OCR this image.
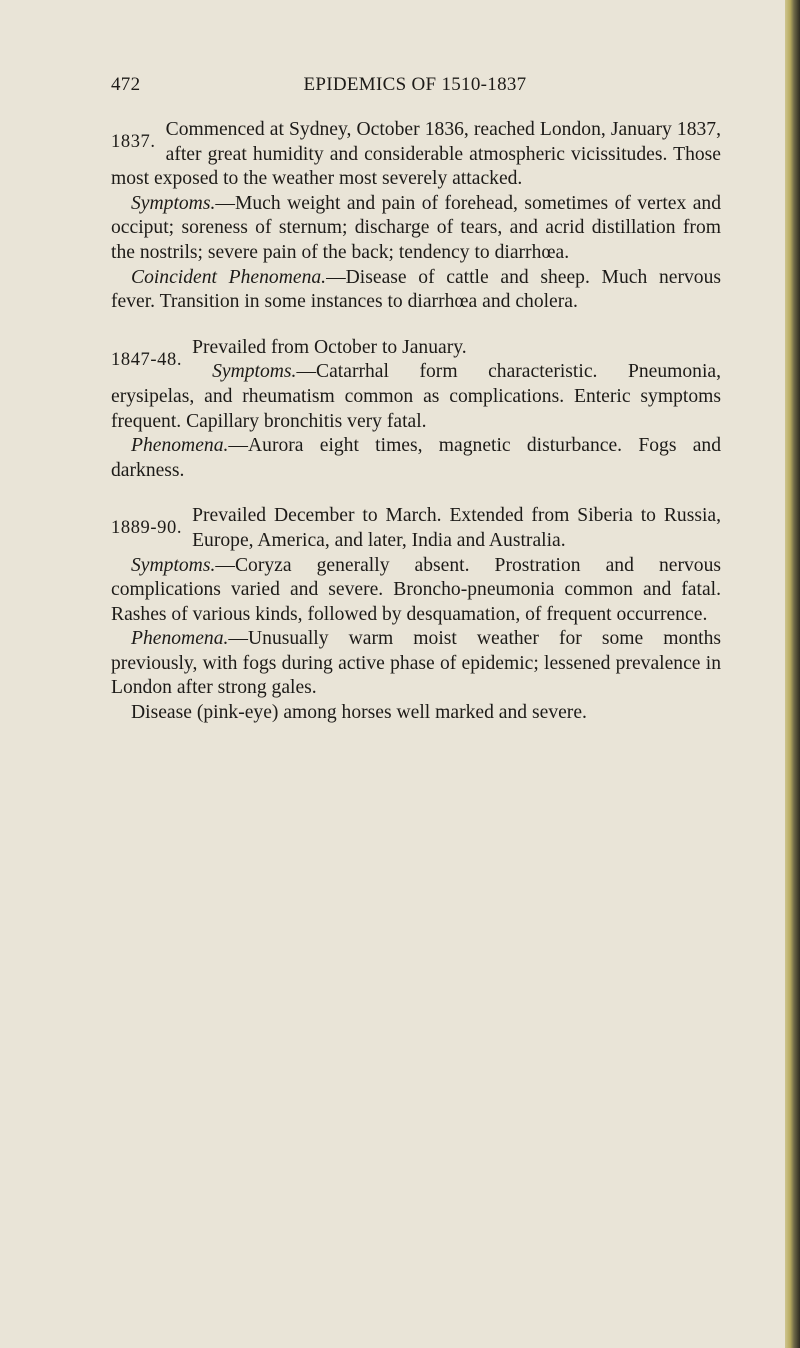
472	EPIDEMICS OF 1510-1837
1837.

Commenced at Sydney, October 1836, reached London, January 1837, after great humidity and considerable atmospheric vicissitudes. Those most exposed to the weather most severely attacked.

Symptoms.—Much weight and pain of forehead, sometimes of vertex and occiput; soreness of sternum; discharge of tears, and acrid distillation from the nostrils; severe pain of the back; tendency to diarrhœa.

Coincident Phenomena.—Disease of cattle and sheep. Much nervous fever. Transition in some instances to diarrhœa and cholera.

1847-48.

Prevailed from October to January.

Symptoms.—Catarrhal form characteristic. Pneumonia, erysipelas, and rheumatism common as complications. Enteric symptoms frequent. Capillary bronchitis very fatal.

Phenomena.—Aurora eight times, magnetic disturbance. Fogs and darkness.

1889-90.

Prevailed December to March. Extended from Siberia to Russia, Europe, America, and later, India and Australia.

Symptoms.—Coryza generally absent. Prostration and nervous complications varied and severe. Broncho-pneumonia common and fatal. Rashes of various kinds, followed by desquamation, of frequent occurrence.

Phenomena.—Unusually warm moist weather for some months previously, with fogs during active phase of epidemic; lessened prevalence in London after strong gales.

Disease (pink-eye) among horses well marked and severe.
